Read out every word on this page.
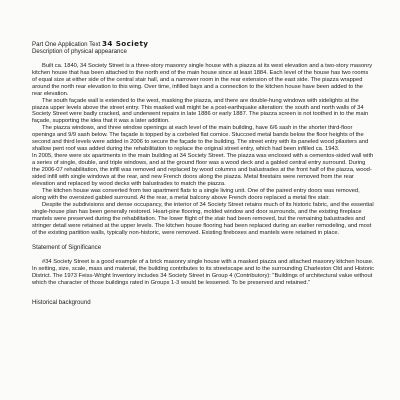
Part One Application Text 34 Society
Description of physical appearance

Built ca. 1840, 34 Society Street is a three-story masonry single house with a piazza at its west elevation and a two-story masonry kitchen house that has been attached to the north end of the main house since at least 1884. Each level of the house has two rooms of equal size at either side of the central stair hall, and a narrower room in the rear extension of the east side. The piazza wrapped around the north rear elevation to this wing. Over time, infilled bays and a connection to the kitchen house have been added to the rear elevation.

The south façade wall is extended to the west, masking the piazza, and there are double-hung windows with sidelights at the piazza upper levels above the street entry. This masked wall might be a post-earthquake alteration: the south and north walls of 34 Society Street were badly cracked, and underwent repairs in late 1886 or early 1887. The piazza screen is not toothed in to the main façade, supporting the idea that it was a later addition.

The piazza windows, and three window openings at each level of the main building, have 6/6 sash in the shorter third-floor openings and 9/9 sash below. The façade is topped by a corbeled flat cornice. Stuccoed metal bands below the floor heights of the second and third levels were added in 2006 to secure the façade to the building. The street entry with its paneled wood pilasters and shallow pent roof was added during the rehabilitation to replace the original street entry, which had been infilled ca. 1943.

In 2005, there were six apartments in the main building at 34 Society Street. The piazza was enclosed with a cementos-sided wall with a series of single, double, and triple windows, and at the ground floor was a wood deck and a gabled central entry surround. During the 2006-07 rehabilitation, the infill was removed and replaced by wood columns and balustrades at the front half of the piazza, wood-sided infill with single windows at the rear, and new French doors along the piazza. Metal firestairs were removed from the rear elevation and replaced by wood decks with balustrades to match the piazza.

The kitchen house was converted from two apartment flats to a single living unit. One of the paired entry doors was removed, along with the oversized gabled surround. At the rear, a metal balcony above French doors replaced a metal fire stair.

Despite the subdivisions and dense occupancy, the interior of 34 Society Street retains much of its historic fabric, and the essential single-house plan has been generally restored. Heart-pine flooring, molded window and door surrounds, and the existing fireplace mantels were preserved during the rehabilitation. The lower flight of the stair had been removed, but the remaining balustrades and stringer detail were retained at the upper levels. The kitchen house flooring had been replaced during an earlier remodeling, and most of the existing partition walls, typically non-historic, were removed. Existing fireboxes and mantels were retained in place.

Statement of Significance

#34 Society Street is a good example of a brick masonry single house with a masked piazza and attached masonry kitchen house. In setting, size, scale, mass and material, the building contributes to its streetscape and to the surrounding Charleston Old and Historic District. The 1973 Feiss-Wright Inventory includes 34 Society Street in Group 4 (Contributory): "Buildings of architectural value without which the character of those buildings rated in Groups 1-3 would be lessened. To be preserved and retained."

Historical background
